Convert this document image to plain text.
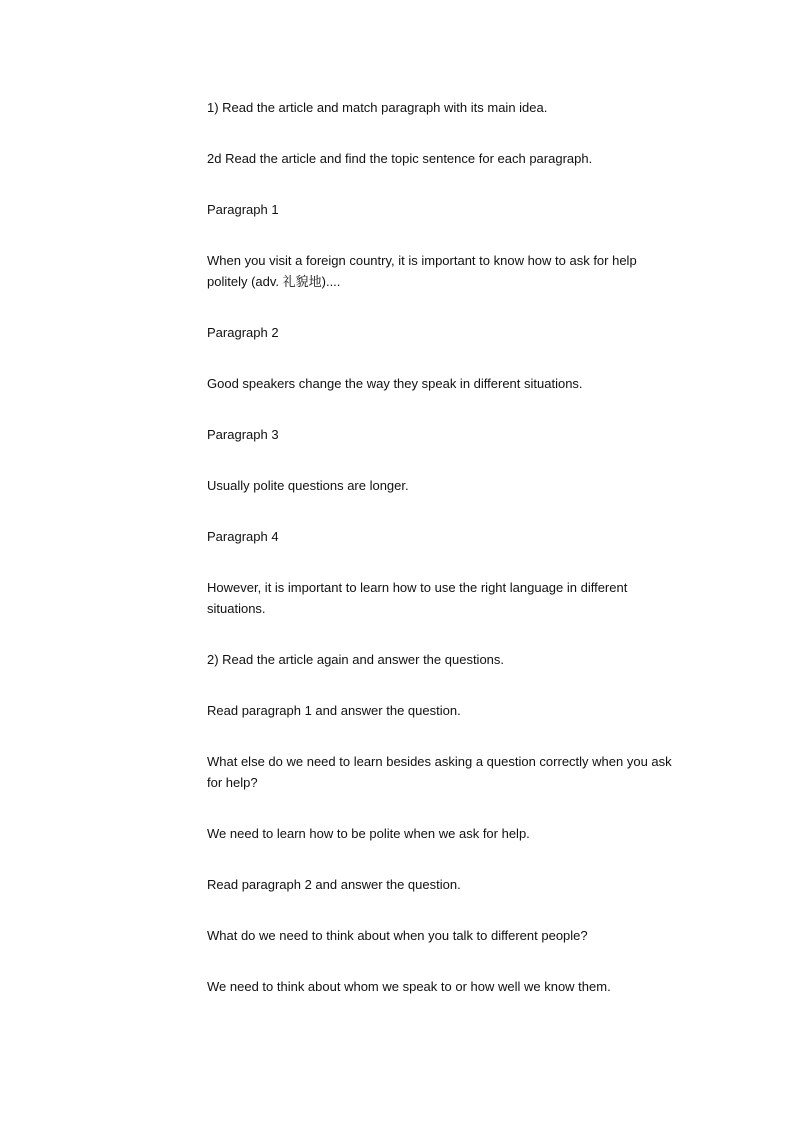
1) Read the article and match paragraph with its main idea.

2d Read the article and find the topic sentence for each paragraph.

Paragraph 1

When you visit a foreign country, it is important to know how to ask for help politely (adv. 礼貌地)....

Paragraph 2

Good speakers change the way they speak in different situations.

Paragraph 3

Usually polite questions are longer.

Paragraph 4

However, it is important to learn how to use the right language in different situations.

2) Read the article again and answer the questions.

Read paragraph 1 and answer the question.

What else do we need to learn besides asking a question correctly when you ask for help?

We need to learn how to be polite when we ask for help.

Read paragraph 2 and answer the question.

What do we need to think about when you talk to different people?

We need to think about whom we speak to or how well we know them.
